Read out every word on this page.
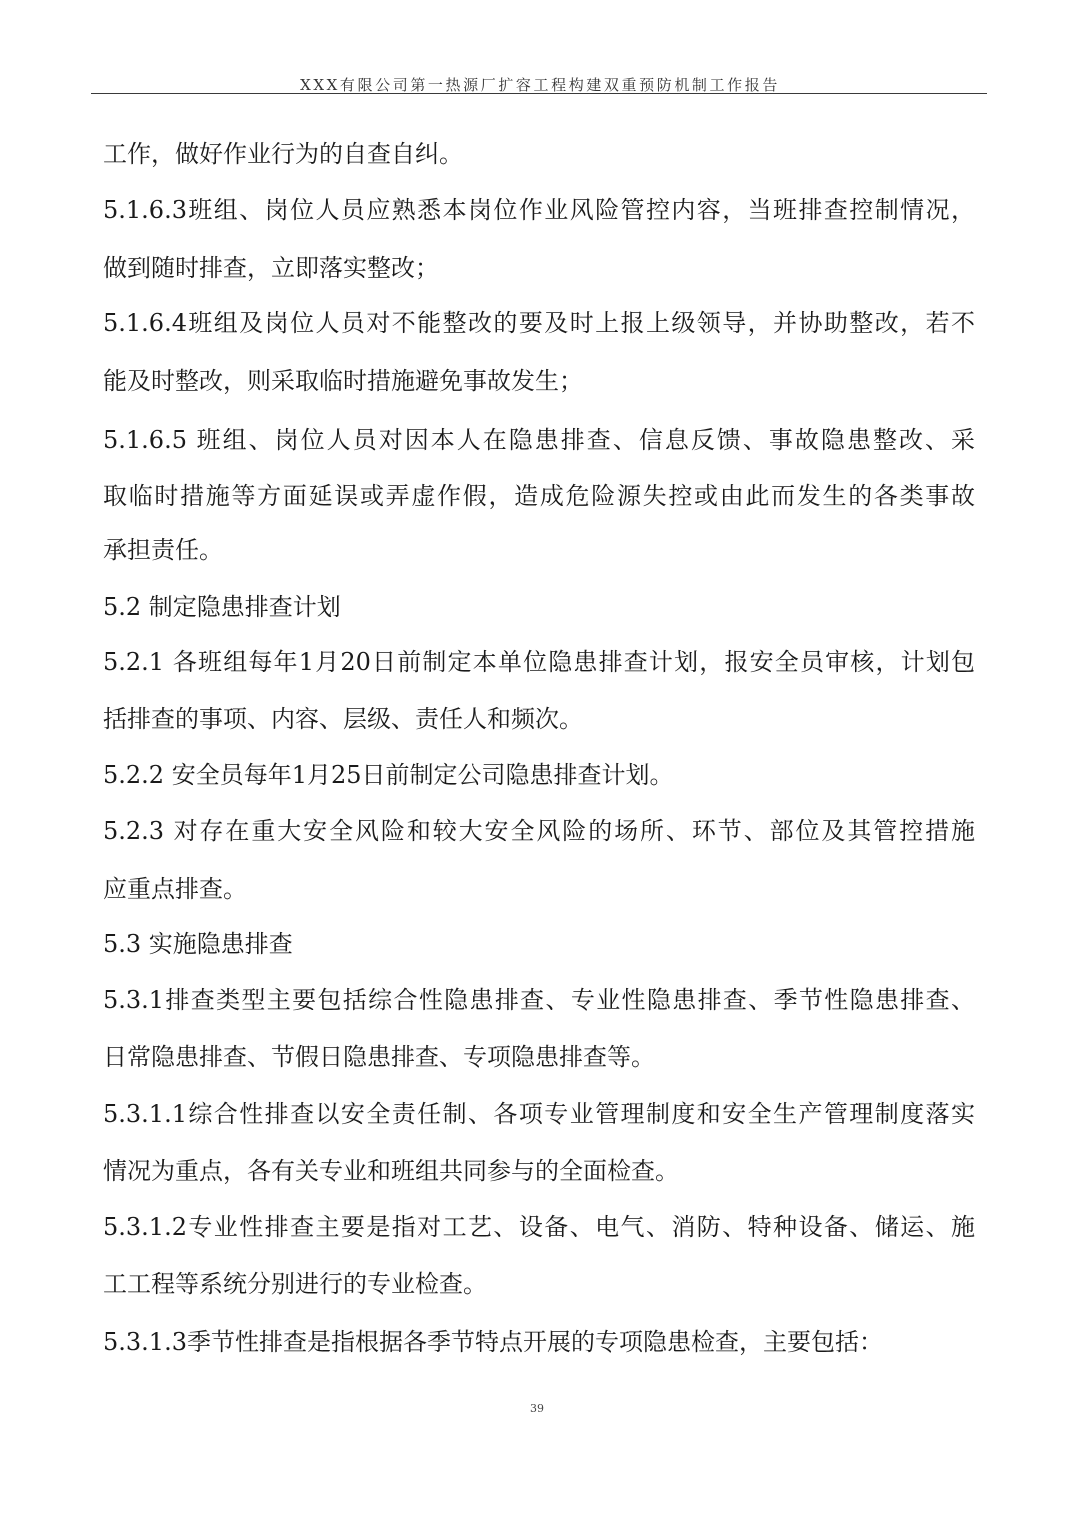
XXX有限公司第一热源厂扩容工程构建双重预防机制工作报告
工作，做好作业行为的自查自纠。
5.1.6.3班组、岗位人员应熟悉本岗位作业风险管控内容，当班排查控制情况，
做到随时排查，立即落实整改；
5.1.6.4班组及岗位人员对不能整改的要及时上报上级领导，并协助整改，若不
能及时整改，则采取临时措施避免事故发生；
5.1.6.5 班组、岗位人员对因本人在隐患排查、信息反馈、事故隐患整改、采
取临时措施等方面延误或弄虚作假，造成危险源失控或由此而发生的各类事故
承担责任。
5.2 制定隐患排查计划
5.2.1 各班组每年1月20日前制定本单位隐患排查计划，报安全员审核，计划包
括排查的事项、内容、层级、责任人和频次。
5.2.2 安全员每年1月25日前制定公司隐患排查计划。
5.2.3 对存在重大安全风险和较大安全风险的场所、环节、部位及其管控措施
应重点排查。
5.3 实施隐患排查
5.3.1排查类型主要包括综合性隐患排查、专业性隐患排查、季节性隐患排查、
日常隐患排查、节假日隐患排查、专项隐患排查等。
5.3.1.1综合性排查以安全责任制、各项专业管理制度和安全生产管理制度落实
情况为重点，各有关专业和班组共同参与的全面检查。
5.3.1.2专业性排查主要是指对工艺、设备、电气、消防、特种设备、储运、施
工工程等系统分别进行的专业检查。
5.3.1.3季节性排查是指根据各季节特点开展的专项隐患检查，主要包括：
39
